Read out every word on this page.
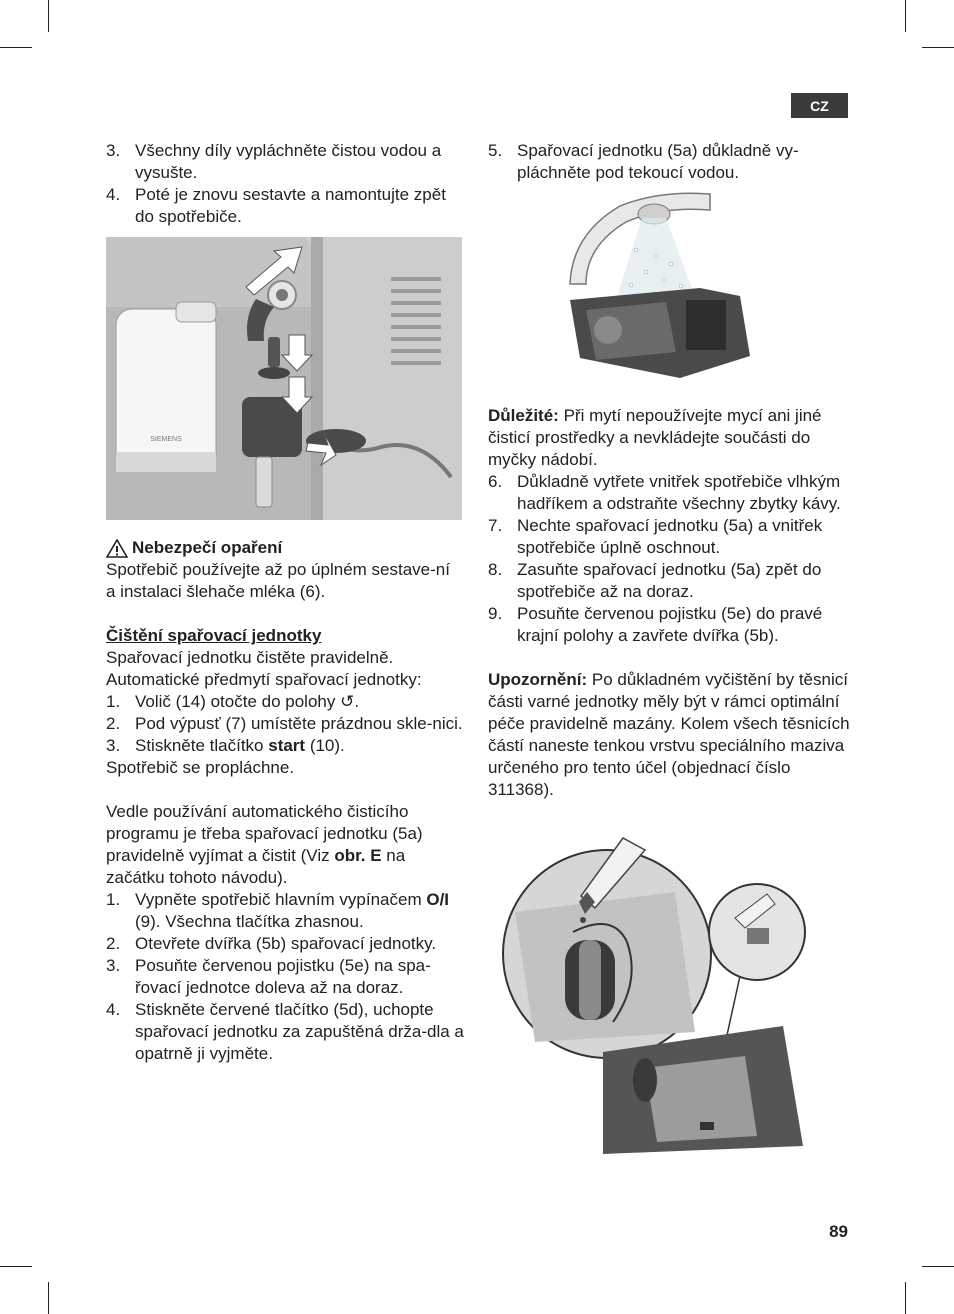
CZ
3. Všechny díly vypláchněte čistou vodou a vysušte.
4. Poté je znovu sestavte a namontujte zpět do spotřebiče.
SIEMENS

Nebezpečí opaření

Spotřebič používejte až po úplném sestave-ní a instalaci šlehače mléka (6).

Čištění spařovací jednotky

Spařovací jednotku čistěte pravidelně.

Automatické předmytí spařovací jednotky:

1. Volič (14) otočte do polohy ↺.
2. Pod výpusť (7) umístěte prázdnou skle-nici.
3. Stiskněte tlačítko start (10).

Spotřebič se propláchne.

Vedle používání automatického čisticího programu je třeba spařovací jednotku (5a) pravidelně vyjímat a čistit (Viz obr. E na začátku tohoto návodu).

1. Vypněte spotřebič hlavním vypínačem O/I (9). Všechna tlačítka zhasnou.
2. Otevřete dvířka (5b) spařovací jednotky.
3. Posuňte červenou pojistku (5e) na spa-řovací jednotce doleva až na doraz.
4. Stiskněte červené tlačítko (5d), uchopte spařovací jednotku za zapuštěná drža-dla a opatrně ji vyjměte.
5. Spařovací jednotku (5a) důkladně vy-pláchněte pod tekoucí vodou.

Důležité: Při mytí nepoužívejte mycí ani jiné čisticí prostředky a nevkládejte součásti do myčky nádobí.

6. Důkladně vytřete vnitřek spotřebiče vlhkým hadříkem a odstraňte všechny zbytky kávy.
7. Nechte spařovací jednotku (5a) a vnitřek spotřebiče úplně oschnout.
8. Zasuňte spařovací jednotku (5a) zpět do spotřebiče až na doraz.
9. Posuňte červenou pojistku (5e) do pravé krajní polohy a zavřete dvířka (5b).

Upozornění: Po důkladném vyčištění by těsnicí části varné jednotky měly být v rámci optimální péče pravidelně mazány. Kolem všech těsnicích částí naneste tenkou vrstvu speciálního maziva určeného pro tento účel (objednací číslo 311368).

89
